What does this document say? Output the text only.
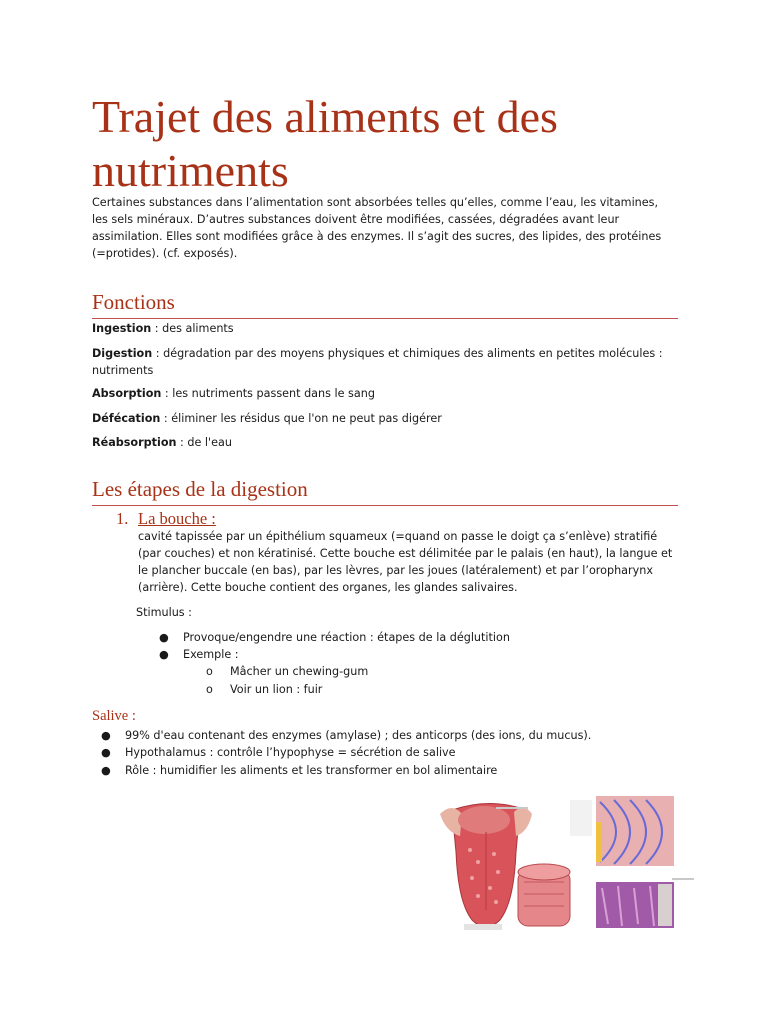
Trajet des aliments et des nutriments

Certaines substances dans l’alimentation sont absorbées telles qu’elles, comme l’eau, les vitamines, les sels minéraux. D’autres substances doivent être modifiées, cassées, dégradées avant leur assimilation. Elles sont modifiées grâce à des enzymes. Il s’agit des sucres, des lipides, des protéines (=protides). (cf. exposés).

Fonctions

Ingestion : des aliments

Digestion : dégradation par des moyens physiques et chimiques des aliments en petites molécules : nutriments

Absorption : les nutriments passent dans le sang

Défécation : éliminer les résidus que l'on ne peut pas digérer

Réabsorption : de l'eau

Les étapes de la digestion
1. La bouche :

cavité tapissée par un épithélium squameux (=quand on passe le doigt ça s’enlève) stratifié (par couches) et non kératinisé. Cette bouche est délimitée par le palais (en haut), la langue et le plancher buccale (en bas), par les lèvres, par les joues (latéralement) et par l’oropharynx (arrière). Cette bouche contient des organes, les glandes salivaires.

Stimulus :

● Provoque/engendre une réaction : étapes de la déglutition

● Exemple :

o Mâcher un chewing-gum

o Voir un lion : fuir

Salive :

● 99% d'eau contenant des enzymes (amylase) ; des anticorps (des ions, du mucus).

● Hypothalamus : contrôle l’hypophyse = sécrétion de salive

● Rôle : humidifier les aliments et les transformer en bol alimentaire
